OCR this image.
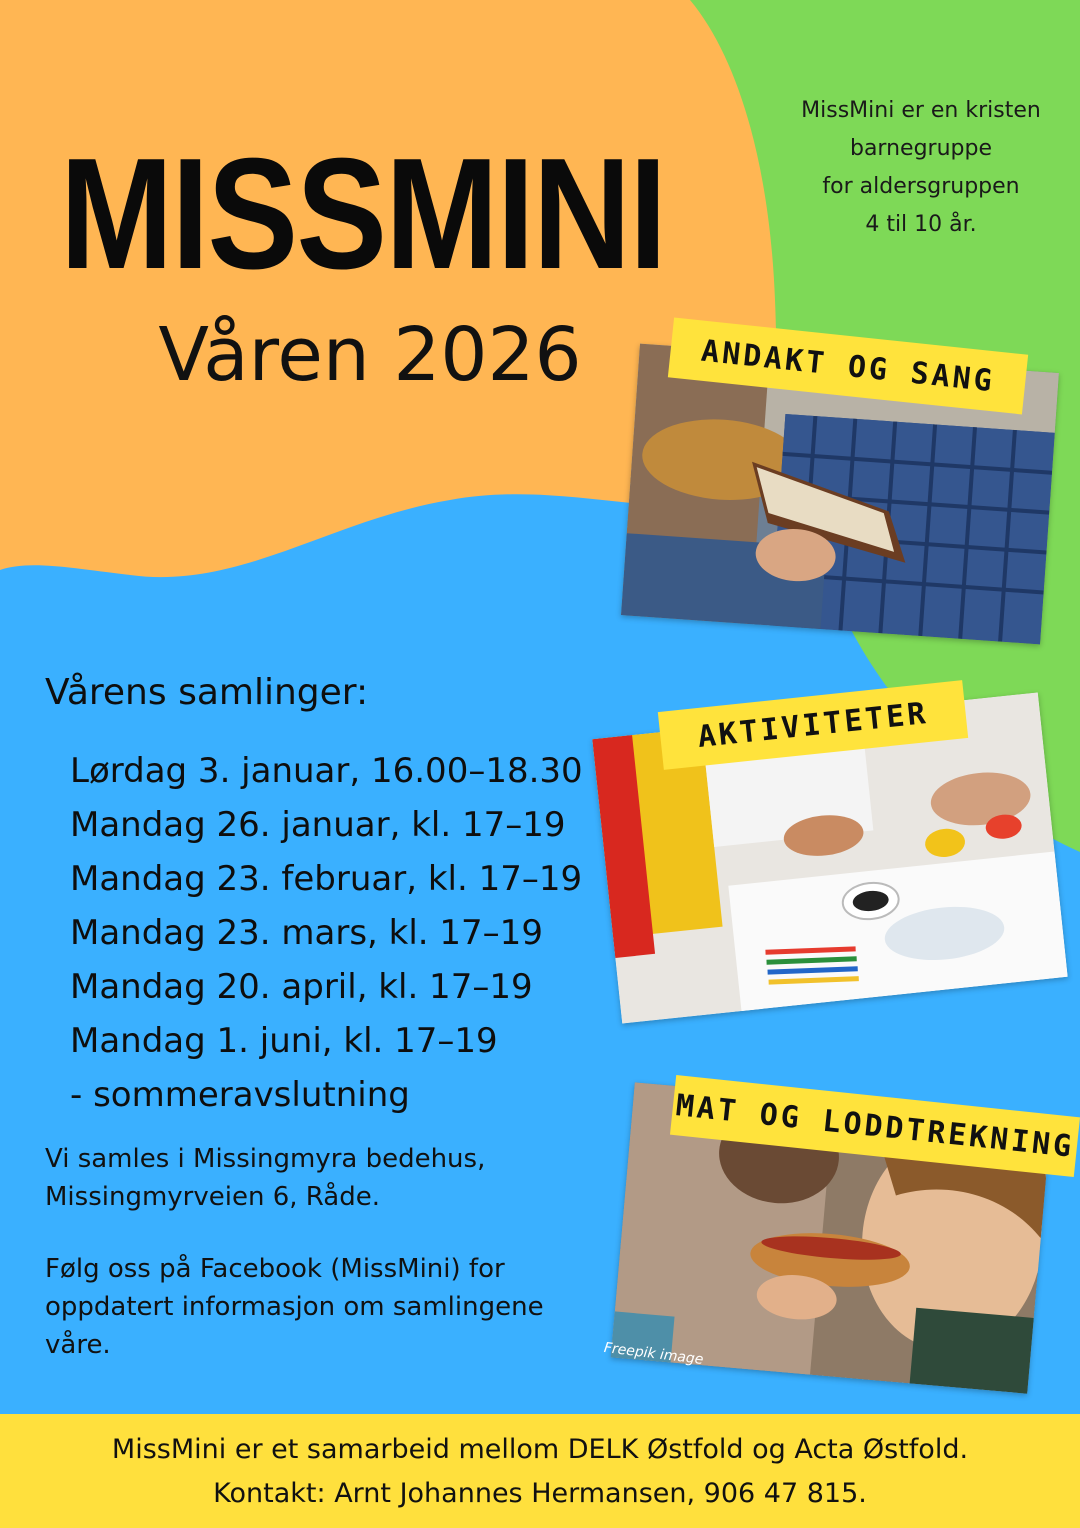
MISSMINI
Våren 2026
MissMini er en kristen
barnegruppe
for aldersgruppen
4 til 10 år.
Vårens samlinger:
Lørdag 3. januar, 16.00–18.30
Mandag 26. januar, kl. 17–19
Mandag 23. februar, kl. 17–19
Mandag 23. mars, kl. 17–19
Mandag 20. april, kl. 17–19
Mandag 1. juni, kl. 17–19
- sommeravslutning
Vi samles i Missingmyra bedehus,
Missingmyrveien 6, Råde.
Følg oss på Facebook (MissMini) for oppdatert informasjon om samlingene våre.
ANDAKT OG SANG
AKTIVITETER
MAT OG LODDTREKNING
Freepik image
MissMini er et samarbeid mellom DELK Østfold og Acta Østfold.
Kontakt: Arnt Johannes Hermansen, 906 47 815.
